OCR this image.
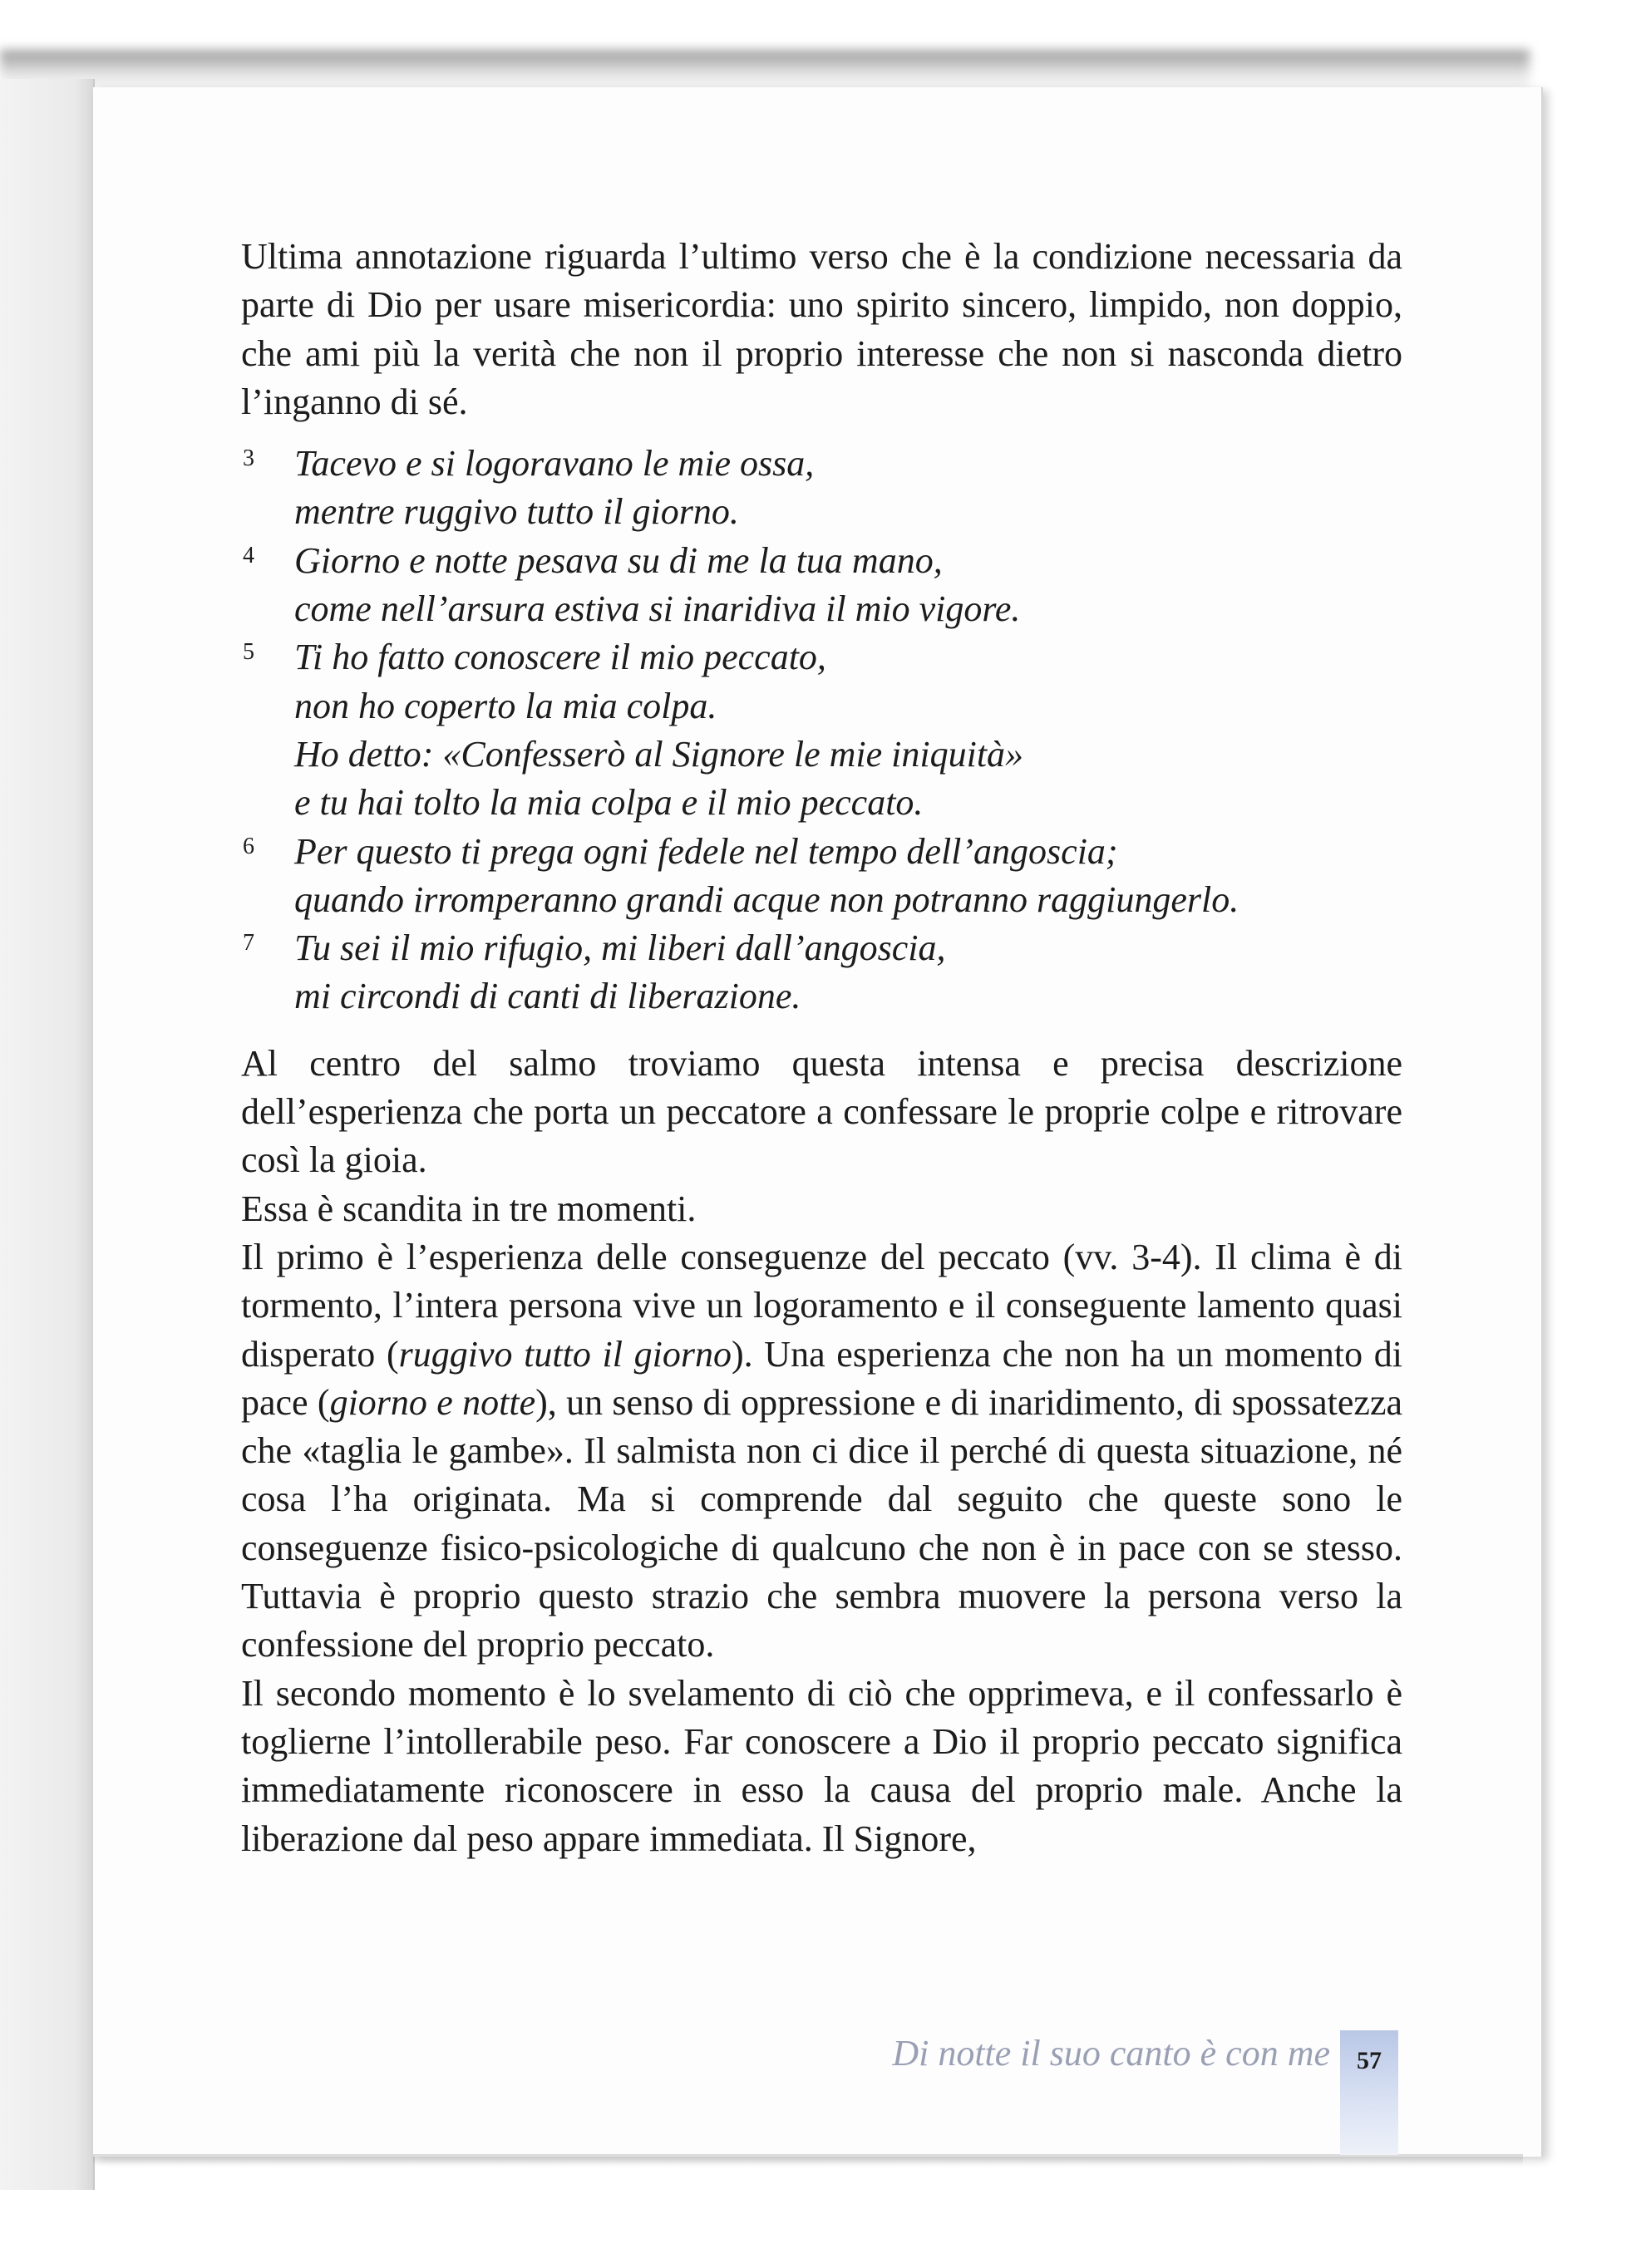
Ultima annotazione riguarda l’ultimo verso che è la condizione necessaria da parte di Dio per usare misericordia: uno spirito sincero, limpido, non doppio, che ami più la verità che non il proprio interesse che non si nasconda dietro l’inganno di sé.

3 Tacevo e si logoravano le mie ossa,
mentre ruggivo tutto il giorno.
4 Giorno e notte pesava su di me la tua mano,
come nell’arsura estiva si inaridiva il mio vigore.
5 Ti ho fatto conoscere il mio peccato,
non ho coperto la mia colpa.
Ho detto: «Confesserò al Signore le mie iniquità»
e tu hai tolto la mia colpa e il mio peccato.
6 Per questo ti prega ogni fedele nel tempo dell’angoscia;
quando irromperanno grandi acque non potranno raggiungerlo.
7 Tu sei il mio rifugio, mi liberi dall’angoscia,
mi circondi di canti di liberazione.

Al centro del salmo troviamo questa intensa e precisa descrizione dell’esperienza che porta un peccatore a confessare le proprie colpe e ritrovare così la gioia.

Essa è scandita in tre momenti.

Il primo è l’esperienza delle conseguenze del peccato (vv. 3-4). Il clima è di tormento, l’intera persona vive un logoramento e il conseguente lamento quasi disperato (ruggivo tutto il giorno). Una esperienza che non ha un momento di pace (giorno e notte), un senso di oppressione e di inaridimento, di spossatezza che «taglia le gambe». Il salmista non ci dice il perché di questa situazione, né cosa l’ha originata. Ma si comprende dal seguito che queste sono le conseguenze fisico-psicologiche di qualcuno che non è in pace con se stesso. Tuttavia è proprio questo strazio che sembra muovere la persona verso la confessione del proprio peccato.

Il secondo momento è lo svelamento di ciò che opprimeva, e il confessarlo è toglierne l’intollerabile peso. Far conoscere a Dio il proprio peccato significa immediatamente riconoscere in esso la causa del proprio male. Anche la liberazione dal peso appare immediata. Il Signore,

Di notte il suo canto è con me	57
